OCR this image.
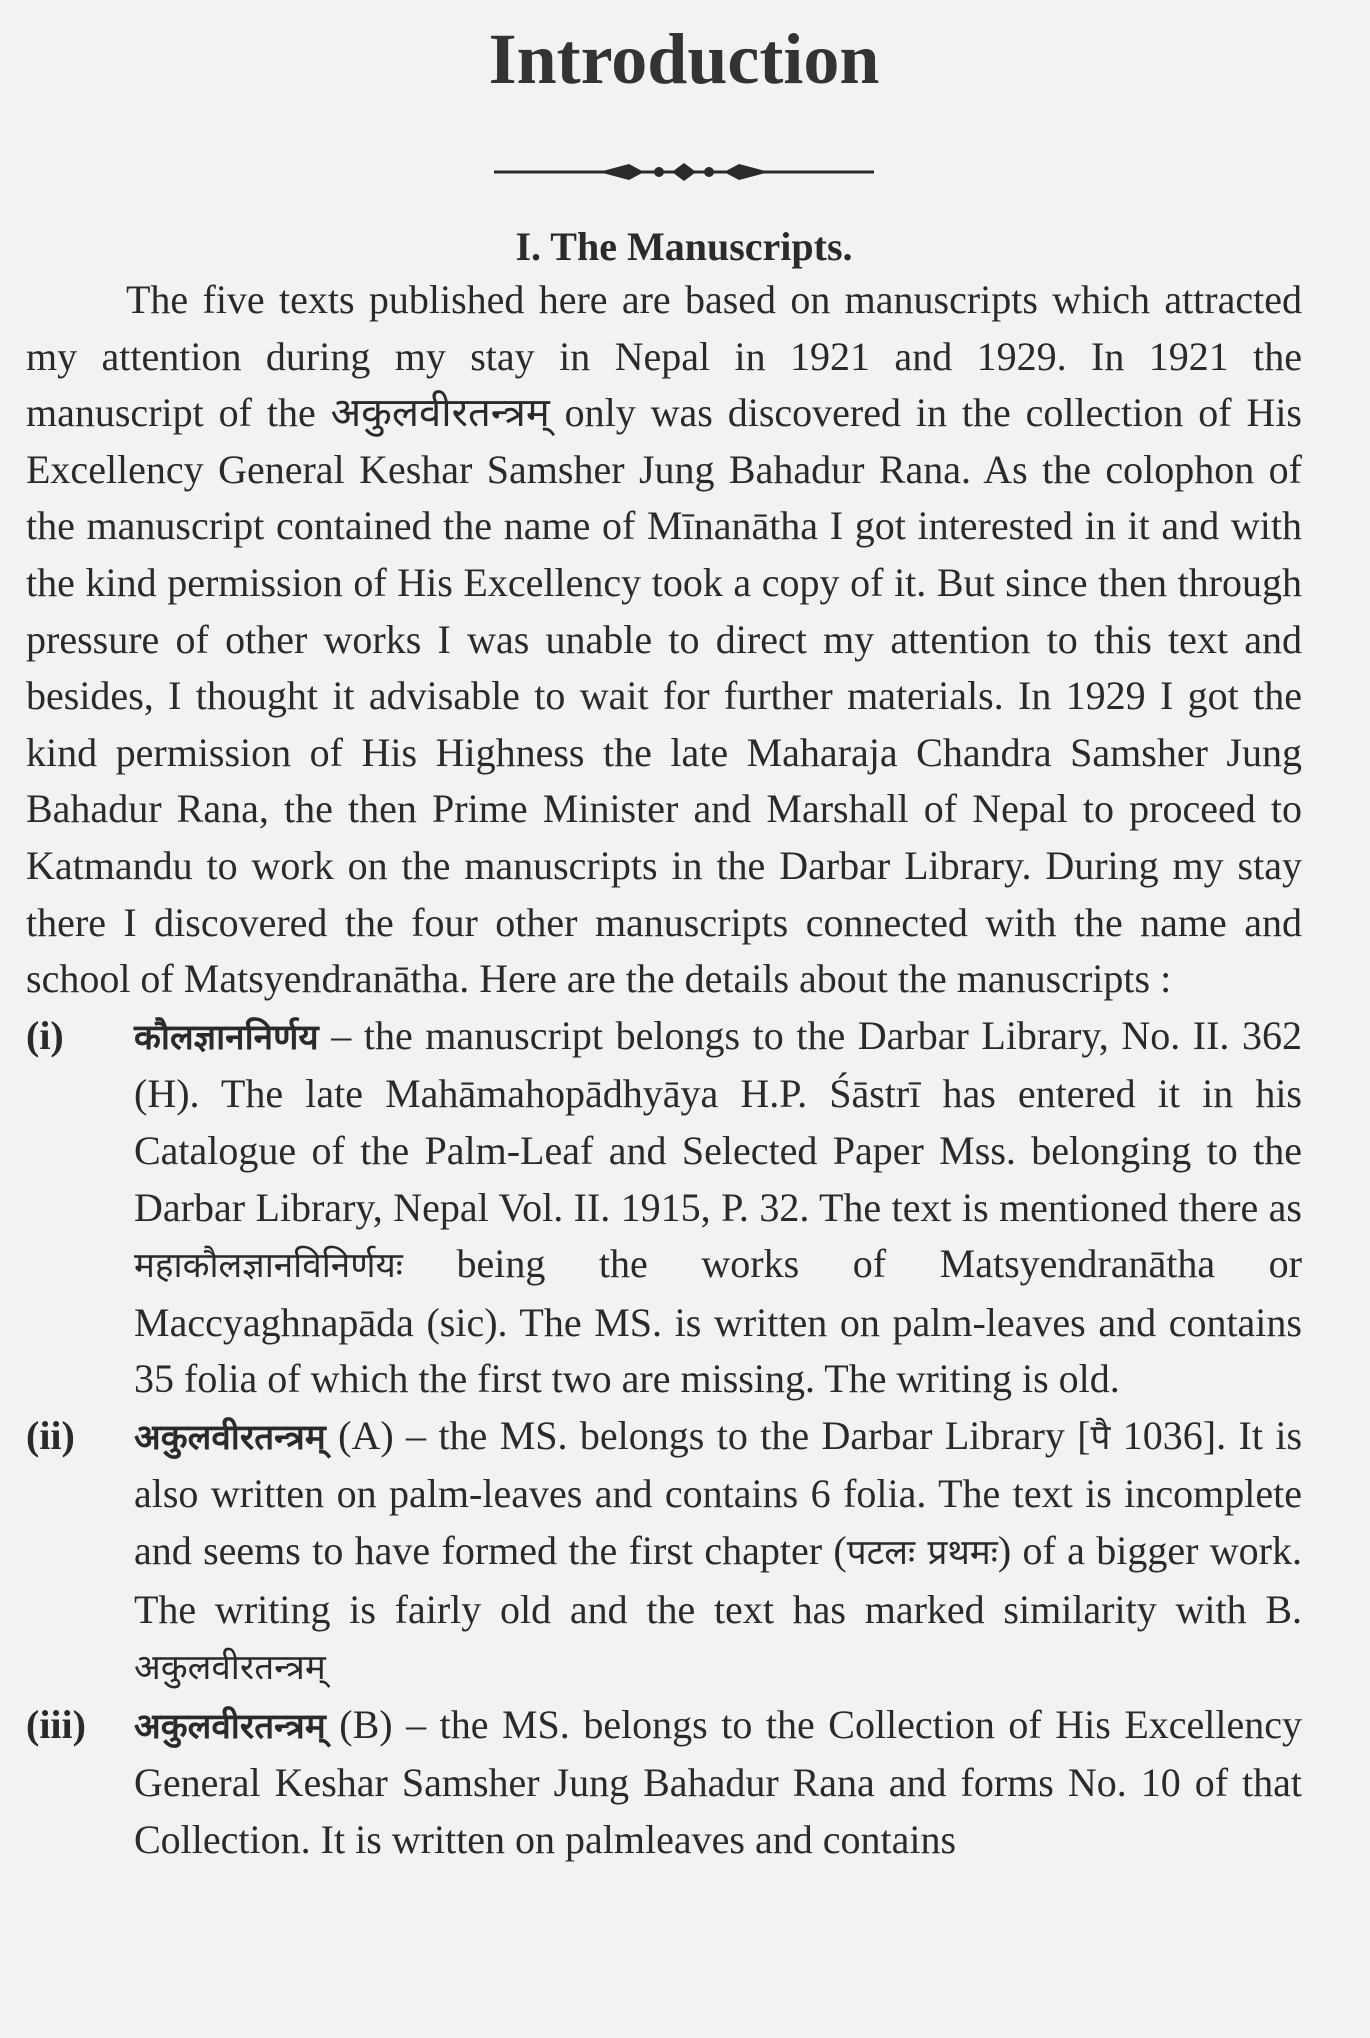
Introduction
I. The Manuscripts.

The five texts published here are based on manuscripts which attracted my attention during my stay in Nepal in 1921 and 1929. In 1921 the manuscript of the अकुलवीरतन्त्रम् only was discovered in the collection of His Excellency General Keshar Samsher Jung Bahadur Rana. As the colophon of the manuscript contained the name of Mīnanātha I got interested in it and with the kind permission of His Excellency took a copy of it. But since then through pressure of other works I was unable to direct my attention to this text and besides, I thought it advisable to wait for further materials. In 1929 I got the kind permission of His Highness the late Maharaja Chandra Samsher Jung Bahadur Rana, the then Prime Minister and Marshall of Nepal to proceed to Katmandu to work on the manuscripts in the Darbar Library. During my stay there I discovered the four other manuscripts connected with the name and school of Matsyendranātha. Here are the details about the manuscripts :

(i)	कौलज्ञाननिर्णय – the manuscript belongs to the Darbar Library, No. II. 362 (H). The late Mahāmahopādhyāya H.P. Śāstrī has entered it in his Catalogue of the Palm-Leaf and Selected Paper Mss. belonging to the Darbar Library, Nepal Vol. II. 1915, P. 32. The text is mentioned there as महाकौलज्ञानविनिर्णयः being the works of Matsyendranātha or Maccyaghnapāda (sic). The MS. is written on palm-leaves and contains 35 folia of which the first two are missing. The writing is old.
(ii)	अकुलवीरतन्त्रम् (A) – the MS. belongs to the Darbar Library [पै 1036]. It is also written on palm-leaves and contains 6 folia. The text is incomplete and seems to have formed the first chapter (पटलः प्रथमः) of a bigger work. The writing is fairly old and the text has marked similarity with B. अकुलवीरतन्त्रम्
(iii)	अकुलवीरतन्त्रम् (B) – the MS. belongs to the Collection of His Excellency General Keshar Samsher Jung Bahadur Rana and forms No. 10 of that Collection. It is written on palmleaves and contains
